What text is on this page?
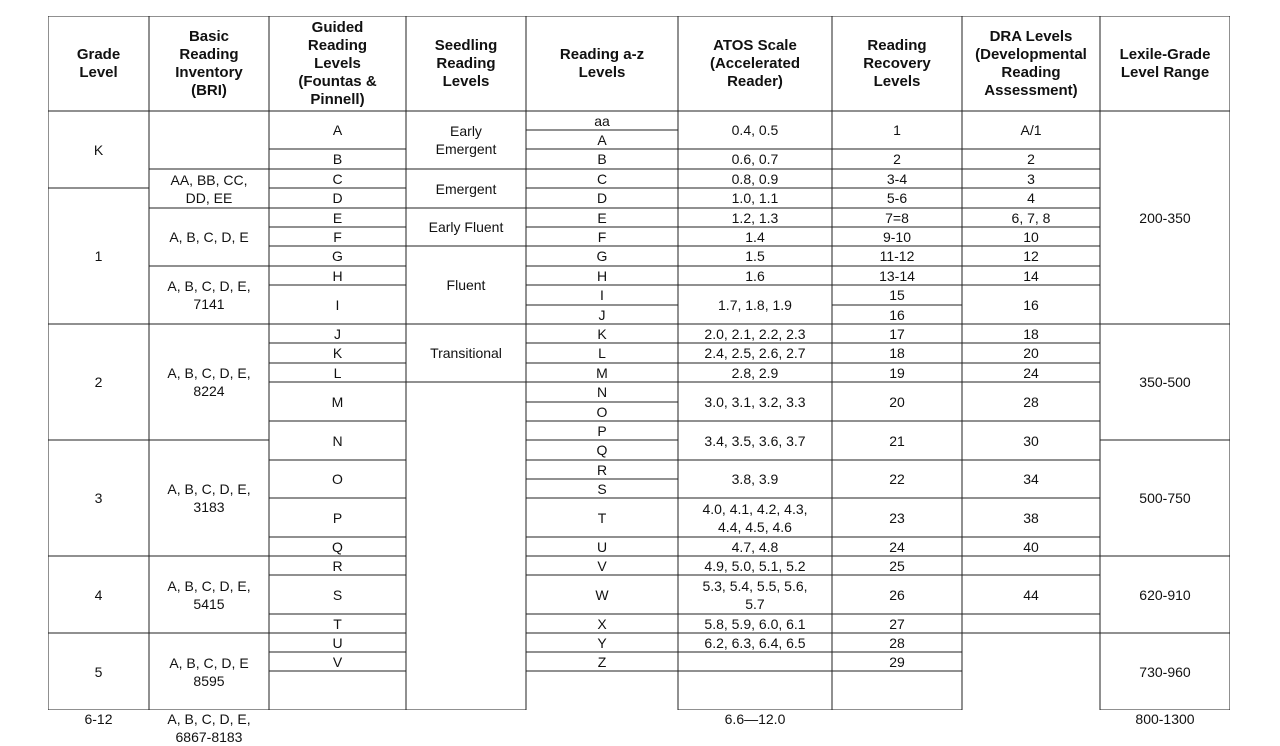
Grade
Level
Basic
Reading
Inventory
(BRI)
Guided
Reading
Levels
(Fountas &
Pinnell)
Seedling
Reading
Levels
Reading a-z
Levels
ATOS Scale
(Accelerated
Reader)
Reading
Recovery
Levels
DRA Levels
(Developmental
Reading
Assessment)
Lexile-Grade
Level Range
K
1
2
3
4
5
6-12
AA, BB, CC,
DD, EE
A, B, C, D, E
A, B, C, D, E,
7141
A, B, C, D, E,
8224
A, B, C, D, E,
3183
A, B, C, D, E,
5415
A, B, C, D, E
8595
A, B, C, D, E,
6867-8183
A
B
C
D
E
F
G
H
I
J
K
L
M
N
O
P
Q
R
S
T
U
V
Early
Emergent
Emergent
Early Fluent
Fluent
Transitional
aa
A
B
C
D
E
F
G
H
I
J
K
L
M
N
O
P
Q
R
S
T
U
V
W
X
Y
Z
0.4, 0.5
0.6, 0.7
0.8, 0.9
1.0, 1.1
1.2, 1.3
1.4
1.5
1.6
1.7, 1.8, 1.9
2.0, 2.1, 2.2, 2.3
2.4, 2.5, 2.6, 2.7
2.8, 2.9
3.0, 3.1, 3.2, 3.3
3.4, 3.5, 3.6, 3.7
3.8, 3.9
4.0, 4.1, 4.2, 4.3,
4.4, 4.5, 4.6
4.7, 4.8
4.9, 5.0, 5.1, 5.2
5.3, 5.4, 5.5, 5.6,
5.7
5.8, 5.9, 6.0, 6.1
6.2, 6.3, 6.4, 6.5
6.6—12.0
1
2
3-4
5-6
7=8
9-10
11-12
13-14
15
16
17
18
19
20
21
22
23
24
25
26
27
28
29
A/1
2
3
4
6, 7, 8
10
12
14
16
18
20
24
28
30
34
38
40
44
200-350
350-500
500-750
620-910
730-960
800-1300
